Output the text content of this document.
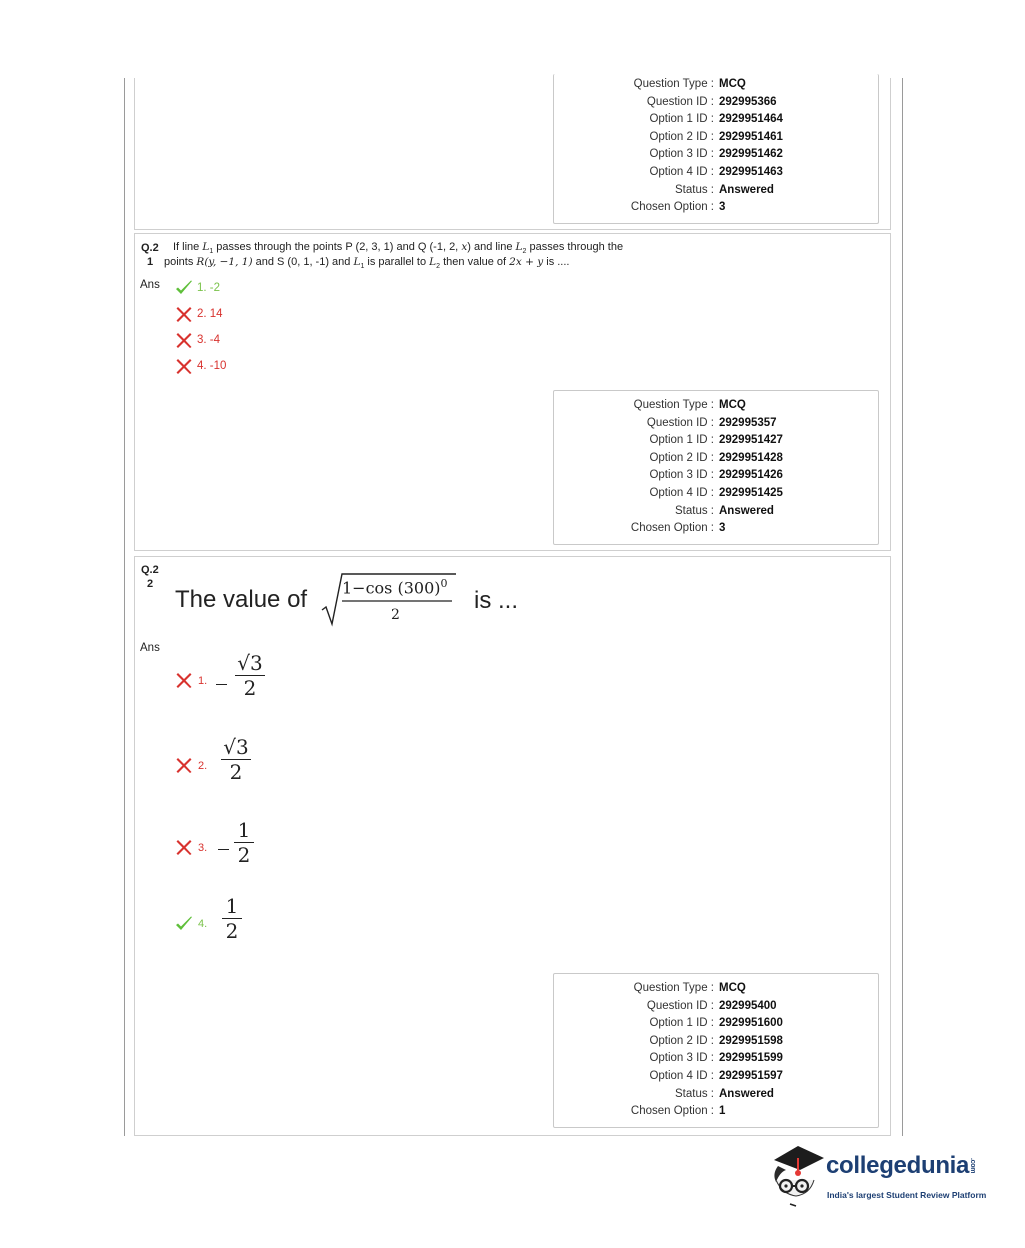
Question Type : MCQ
Question ID : 292995366
Option 1 ID : 2929951464
Option 2 ID : 2929951461
Option 3 ID : 2929951462
Option 4 ID : 2929951463
Status : Answered
Chosen Option : 3
Q.2
1
If line $L_1$ passes through the points P (2, 3, 1) and Q (-1, 2, x) and line $L_2$ passes through the
points R(y, −1, 1) and S (0, 1, -1) and $L_1$ is parallel to $L_2$ then value of 2x + y is ....
Ans	1. -2
2. 14
3. -4
4. -10
Question Type : MCQ
Question ID : 292995357
Option 1 ID : 2929951427
Option 2 ID : 2929951428
Option 3 ID : 2929951426
Option 4 ID : 2929951425
Status : Answered
Chosen Option : 3
Q.2
2
The value of 1−cos $(300)^0$
2
is ...
Ans
1.
√3
2
2.
√3
2
3.
1
2
4.
1
2
Question Type : MCQ
Question ID : 292995400
Option 1 ID : 2929951600
Option 2 ID : 2929951598
Option 3 ID : 2929951599
Option 4 ID : 2929951597
Status : Answered
Chosen Option : 1
collegedunia.com
India's largest Student Review Platform
